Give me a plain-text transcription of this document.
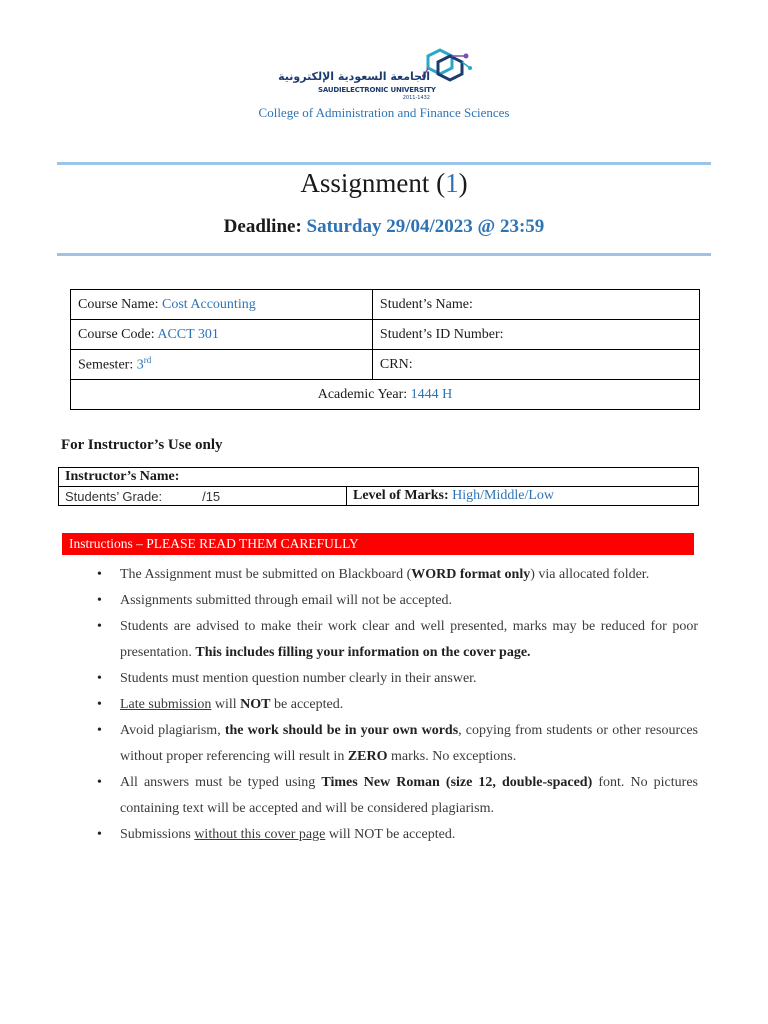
الجامعة السعودية الإلكترونية
SAUDIELECTRONIC UNIVERSITY
2011-1432
College of Administration and Finance Sciences
Assignment (1)
Deadline: Saturday 29/04/2023 @ 23:59
Course Name: Cost Accounting	Student’s Name:
Course Code: ACCT 301	Student’s ID Number:
Semester: 3rd	CRN:
Academic Year: 1444 H	
For Instructor’s Use only
Instructor’s Name:
Students’ Grade:	/15	Level of Marks: High/Middle/Low
Instructions – PLEASE READ THEM CAREFULLY
• The Assignment must be submitted on Blackboard (WORD format only) via allocated folder.
• Assignments submitted through email will not be accepted.
• Students are advised to make their work clear and well presented, marks may be reduced for poor presentation. This includes filling your information on the cover page.
• Students must mention question number clearly in their answer.
• Late submission will NOT be accepted.
• Avoid plagiarism, the work should be in your own words, copying from students or other resources without proper referencing will result in ZERO marks. No exceptions.
• All answers must be typed using Times New Roman (size 12, double-spaced) font. No pictures containing text will be accepted and will be considered plagiarism.
• Submissions without this cover page will NOT be accepted.
